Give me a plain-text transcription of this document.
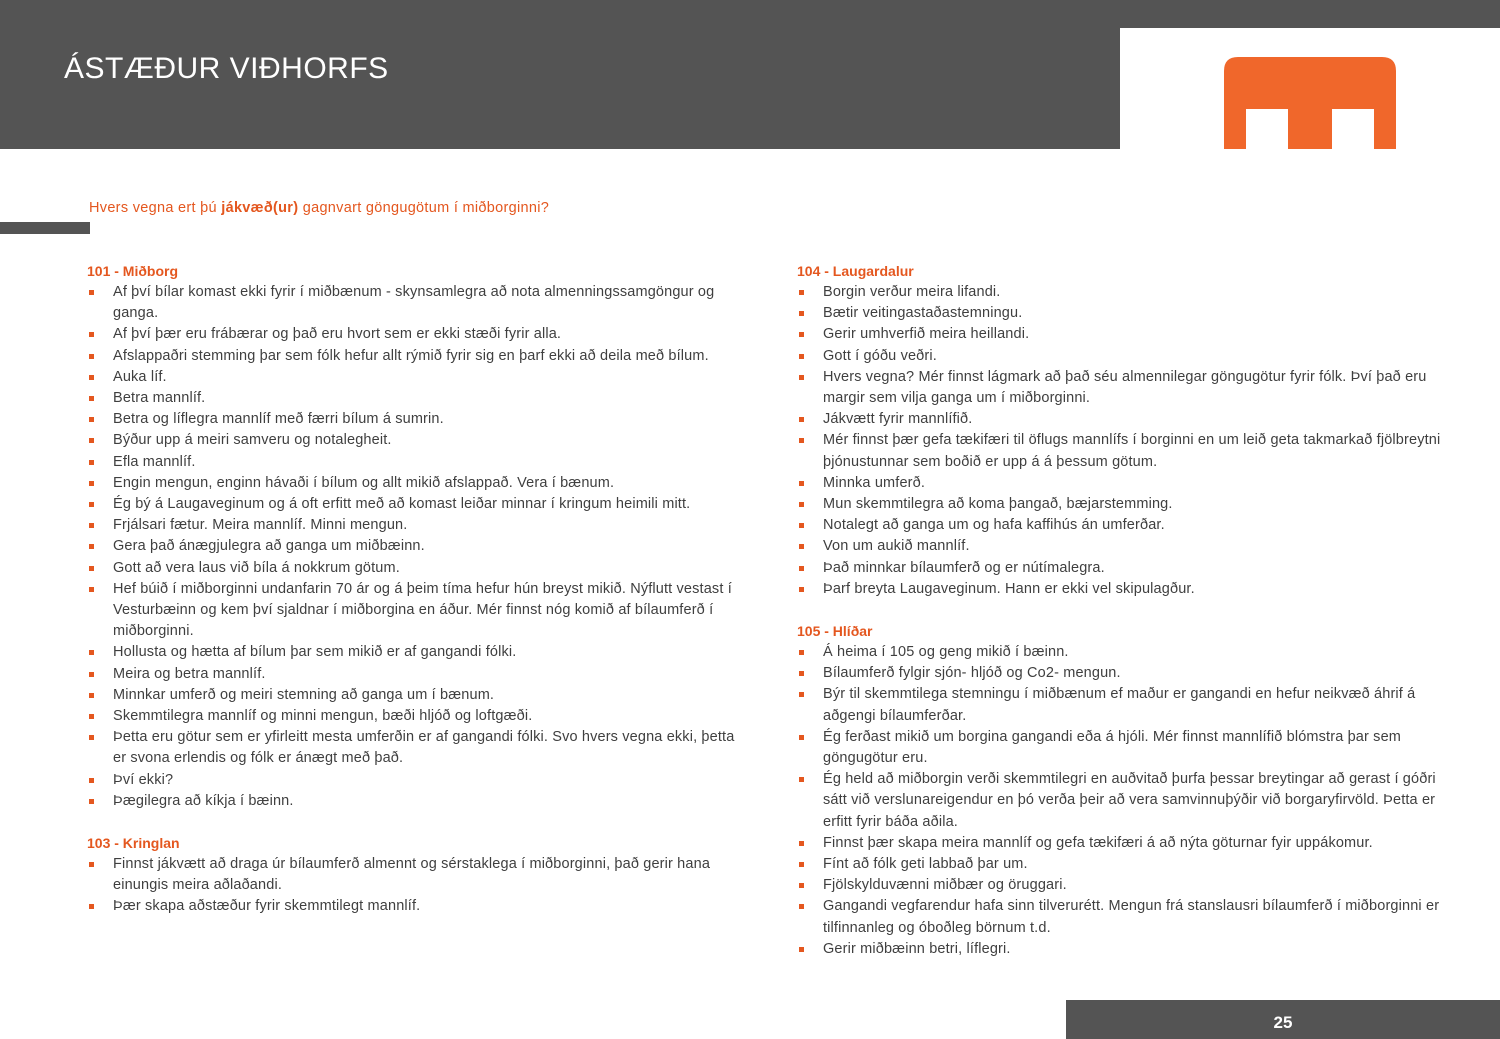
ÁSTÆÐUR VIÐHORFS
Hvers vegna ert þú jákvæð(ur) gagnvart göngugötum í miðborginni?
101 - Miðborg
Af því bílar komast ekki fyrir í miðbænum - skynsamlegra að nota almenningssamgöngur og ganga.
Af því þær eru frábærar og það eru hvort sem er ekki stæði fyrir alla.
Afslappaðri stemming þar sem fólk hefur allt rýmið fyrir sig en þarf ekki að deila með bílum.
Auka líf.
Betra mannlíf.
Betra og líflegra mannlíf með færri bílum á sumrin.
Býður upp á meiri samveru og notalegheit.
Efla mannlíf.
Engin mengun, enginn hávaði í bílum og allt mikið afslappað. Vera í bænum.
Ég bý á Laugaveginum og á oft erfitt með að komast leiðar minnar í kringum heimili mitt.
Frjálsari fætur. Meira mannlíf. Minni mengun.
Gera það ánægjulegra að ganga um miðbæinn.
Gott að vera laus við bíla á nokkrum götum.
Hef búið í miðborginni undanfarin 70 ár og á þeim tíma hefur hún breyst mikið. Nýflutt vestast í Vesturbæinn og kem því sjaldnar í miðborgina en áður. Mér finnst nóg komið af bílaumferð í miðborginni.
Hollusta og hætta af bílum þar sem mikið er af gangandi fólki.
Meira og betra mannlíf.
Minnkar umferð og meiri stemning að ganga um í bænum.
Skemmtilegra mannlíf og minni mengun, bæði hljóð og loftgæði.
Þetta eru götur sem er yfirleitt mesta umferðin er af gangandi fólki. Svo hvers vegna ekki, þetta er svona erlendis og fólk er ánægt með það.
Því ekki?
Þægilegra að kíkja í bæinn.
103 - Kringlan
Finnst jákvætt að draga úr bílaumferð almennt og sérstaklega í miðborginni, það gerir hana einungis meira aðlaðandi.
Þær skapa aðstæður fyrir skemmtilegt mannlíf.
104 - Laugardalur
Borgin verður meira lifandi.
Bætir veitingastaðastemningu.
Gerir umhverfið meira heillandi.
Gott í góðu veðri.
Hvers vegna? Mér finnst lágmark að það séu almennilegar göngugötur fyrir fólk. Því það eru margir sem vilja ganga um í miðborginni.
Jákvætt fyrir mannlífið.
Mér finnst þær gefa tækifæri til öflugs mannlífs í borginni en um leið geta takmarkað fjölbreytni þjónustunnar sem boðið er upp á á þessum götum.
Minnka umferð.
Mun skemmtilegra að koma þangað, bæjarstemming.
Notalegt að ganga um og hafa kaffihús án umferðar.
Von um aukið mannlíf.
Það minnkar bílaumferð og er nútímalegra.
Þarf breyta Laugaveginum. Hann er ekki vel skipulagður.
105 - Hlíðar
Á heima í 105 og geng mikið í bæinn.
Bílaumferð fylgir sjón- hljóð og Co2- mengun.
Býr til skemmtilega stemningu í miðbænum ef maður er gangandi en hefur neikvæð áhrif á aðgengi bílaumferðar.
Ég ferðast mikið um borgina gangandi eða á hjóli. Mér finnst mannlífið blómstra þar sem göngugötur eru.
Ég held að miðborgin verði skemmtilegri en auðvitað þurfa þessar breytingar að gerast í góðri sátt við verslunareigendur en þó verða þeir að vera samvinnuþýðir við borgaryfirvöld. Þetta er erfitt fyrir báða aðila.
Finnst þær skapa meira mannlíf og gefa tækifæri á að nýta göturnar fyir uppákomur.
Fínt að fólk geti labbað þar um.
Fjölskylduvænni miðbær og öruggari.
Gangandi vegfarendur hafa sinn tilverurétt. Mengun frá stanslausri bílaumferð í miðborginni er tilfinnanleg og óboðleg börnum t.d.
Gerir miðbæinn betri, líflegri.
25
